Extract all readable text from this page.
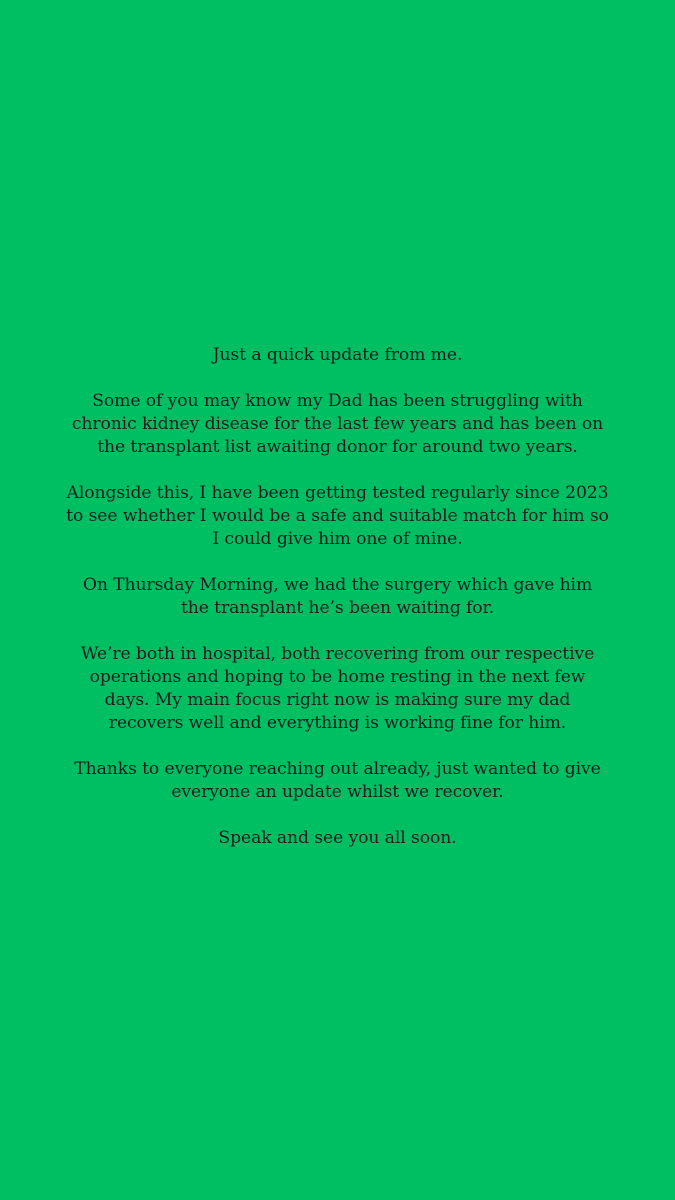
Just a quick update from me.

Some of you may know my Dad has been struggling with
chronic kidney disease for the last few years and has been on
the transplant list awaiting donor for around two years.

Alongside this, I have been getting tested regularly since 2023
to see whether I would be a safe and suitable match for him so
I could give him one of mine.

On Thursday Morning, we had the surgery which gave him
the transplant he’s been waiting for.

We’re both in hospital, both recovering from our respective
operations and hoping to be home resting in the next few
days. My main focus right now is making sure my dad
recovers well and everything is working fine for him.

Thanks to everyone reaching out already, just wanted to give
everyone an update whilst we recover.

Speak and see you all soon.
